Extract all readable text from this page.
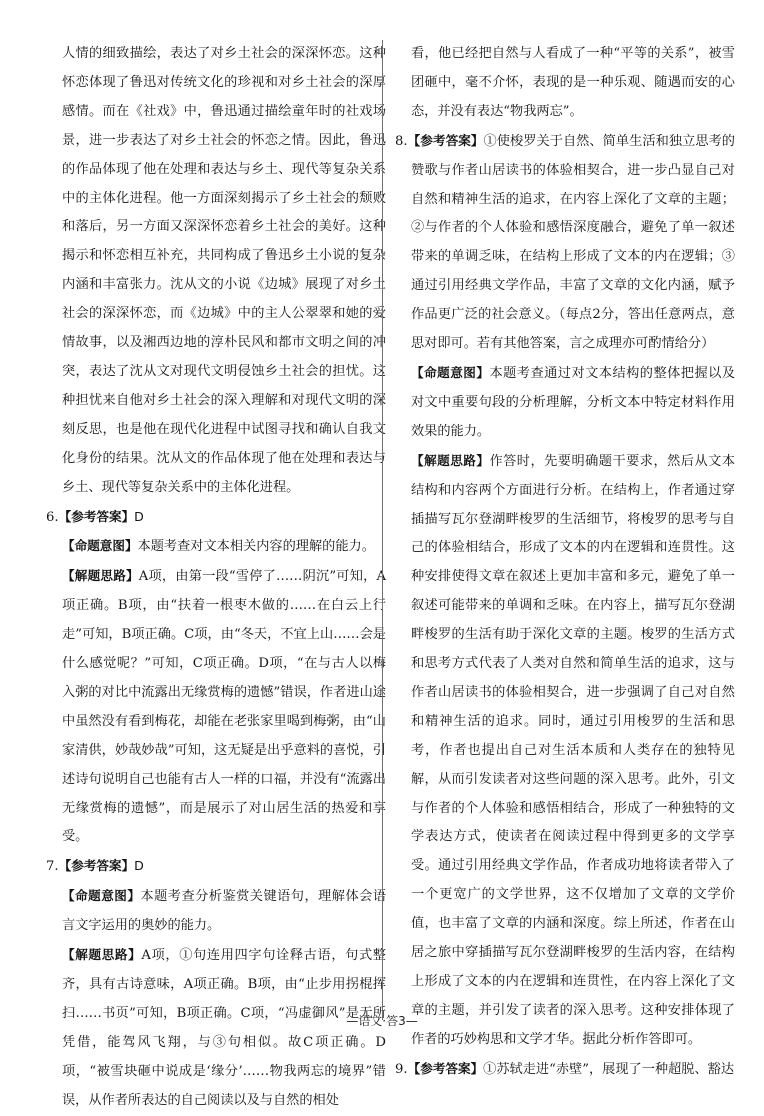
人情的细致描绘，表达了对乡土社会的深深怀恋。这种怀恋体现了鲁迅对传统文化的珍视和对乡土社会的深厚感情。而在《社戏》中，鲁迅通过描绘童年时的社戏场景，进一步表达了对乡土社会的怀恋之情。因此，鲁迅的作品体现了他在处理和表达与乡土、现代等复杂关系中的主体化进程。他一方面深刻揭示了乡土社会的颓败和落后，另一方面又深深怀恋着乡土社会的美好。这种揭示和怀恋相互补充，共同构成了鲁迅乡土小说的复杂内涵和丰富张力。沈从文的小说《边城》展现了对乡土社会的深深怀恋，而《边城》中的主人公翠翠和她的爱情故事，以及湘西边地的淳朴民风和都市文明之间的冲突，表达了沈从文对现代文明侵蚀乡土社会的担忧。这种担忧来自他对乡土社会的深入理解和对现代文明的深刻反思，也是他在现代化进程中试图寻找和确认自我文化身份的结果。沈从文的作品体现了他在处理和表达与乡土、现代等复杂关系中的主体化进程。

6.【参考答案】D

【命题意图】本题考查对文本相关内容的理解的能力。

【解题思路】A项，由第一段“雪停了……阴沉”可知，A项正确。B项，由“扶着一根枣木做的……在白云上行走”可知，B项正确。C项，由“冬天，不宜上山……会是什么感觉呢？”可知，C项正确。D项，“在与古人以梅入粥的对比中流露出无缘赏梅的遗憾”错误，作者进山途中虽然没有看到梅花，却能在老张家里喝到梅粥，由“山家清供，妙哉妙哉”可知，这无疑是出乎意料的喜悦，引述诗句说明自己也能有古人一样的口福，并没有“流露出无缘赏梅的遗憾”，而是展示了对山居生活的热爱和享受。

7.【参考答案】D

【命题意图】本题考查分析鉴赏关键语句，理解体会语言文字运用的奥妙的能力。

【解题思路】A项，①句连用四字句诠释古语，句式整齐，具有古诗意味，A项正确。B项，由“止步用拐棍挥扫……书页”可知，B项正确。C项，“冯虚御风”是无所凭借，能驾风飞翔，与③句相似。故C项正确。D项，“被雪块砸中说成是‘缘分’……物我两忘的境界”错误，从作者所表达的自己阅读以及与自然的相处

看，他已经把自然与人看成了一种“平等的关系”，被雪团砸中，毫不介怀，表现的是一种乐观、随遇而安的心态，并没有表达“物我两忘”。

8.【参考答案】①使梭罗关于自然、简单生活和独立思考的赞歌与作者山居读书的体验相契合，进一步凸显自己对自然和精神生活的追求，在内容上深化了文章的主题；②与作者的个人体验和感悟深度融合，避免了单一叙述带来的单调乏味，在结构上形成了文本的内在逻辑；③通过引用经典文学作品，丰富了文章的文化内涵，赋予作品更广泛的社会意义。（每点2分，答出任意两点，意思对即可。若有其他答案，言之成理亦可酌情给分）

【命题意图】本题考查通过对文本结构的整体把握以及对文中重要句段的分析理解，分析文本中特定材料作用效果的能力。

【解题思路】作答时，先要明确题干要求，然后从文本结构和内容两个方面进行分析。在结构上，作者通过穿插描写瓦尔登湖畔梭罗的生活细节，将梭罗的思考与自己的体验相结合，形成了文本的内在逻辑和连贯性。这种安排使得文章在叙述上更加丰富和多元，避免了单一叙述可能带来的单调和乏味。在内容上，描写瓦尔登湖畔梭罗的生活有助于深化文章的主题。梭罗的生活方式和思考方式代表了人类对自然和简单生活的追求，这与作者山居读书的体验相契合，进一步强调了自己对自然和精神生活的追求。同时，通过引用梭罗的生活和思考，作者也提出自己对生活本质和人类存在的独特见解，从而引发读者对这些问题的深入思考。此外，引文与作者的个人体验和感悟相结合，形成了一种独特的文学表达方式，使读者在阅读过程中得到更多的文学享受。通过引用经典文学作品，作者成功地将读者带入了一个更宽广的文学世界，这不仅增加了文章的文学价值，也丰富了文章的内涵和深度。综上所述，作者在山居之旅中穿插描写瓦尔登湖畔梭罗的生活内容，在结构上形成了文本的内在逻辑和连贯性，在内容上深化了文章的主题，并引发了读者的深入思考。这种安排体现了作者的巧妙构思和文学才华。据此分析作答即可。

9.【参考答案】①苏轼走进“赤壁”，展现了一种超脱、豁达

—语文·答3—
